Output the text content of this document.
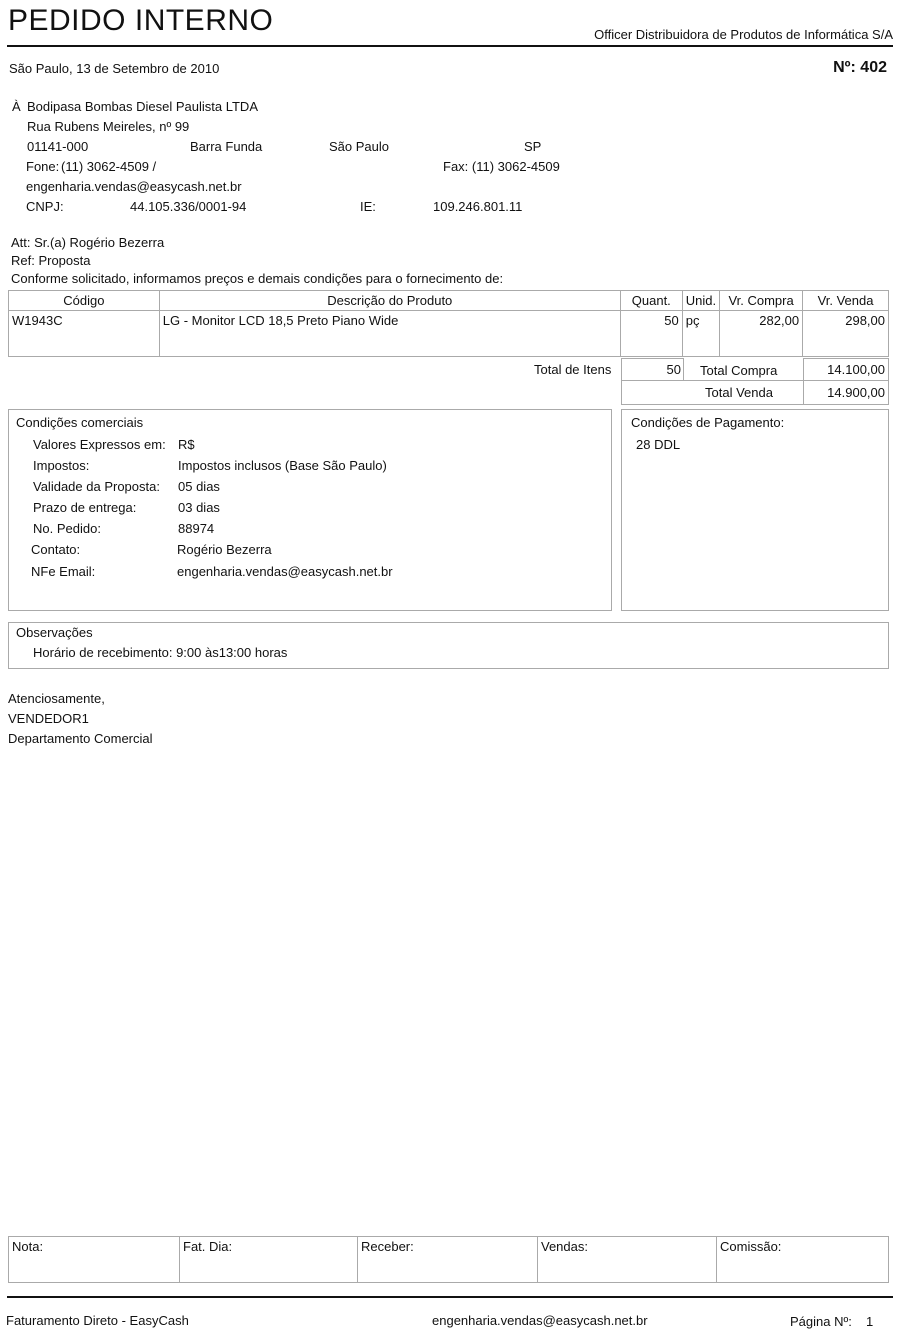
PEDIDO INTERNO	Officer Distribuidora de Produtos de Informática S/A
São Paulo, 13 de Setembro de 2010	Nº: 402
À Bodipasa Bombas Diesel Paulista LTDA
Rua Rubens Meireles, nº 99
01141-000	Barra Funda	São Paulo	SP
Fone: (11) 3062-4509 /	Fax: (11) 3062-4509
engenharia.vendas@easycash.net.br
CNPJ:	44.105.336/0001-94	IE:	109.246.801.11
Att: Sr.(a) Rogério Bezerra
Ref: Proposta
Conforme solicitado, informamos preços e demais condições para o fornecimento de:
Código	Descrição do Produto	Quant.	Unid.	Vr. Compra	Vr. Venda
W1943C	LG - Monitor LCD 18,5 Preto Piano Wide	50	pç	282,00	298,00
Total de Itens	50 Total Compra	14.100,00
Total Venda	14.900,00
Condições comerciais
Valores Expressos em: R$
Impostos:	Impostos inclusos (Base São Paulo)
Validade da Proposta: 05 dias
Prazo de entrega:	03 dias
No. Pedido:	88974
Contato:	Rogério Bezerra
NFe Email:	engenharia.vendas@easycash.net.br
Condições de Pagamento:
28 DDL
Observações
Horário de recebimento: 9:00 às13:00 horas
Atenciosamente,
VENDEDOR1
Departamento Comercial
Nota:	Fat. Dia:	Receber:	Vendas:	Comissão:
Faturamento Direto - EasyCash	engenharia.vendas@easycash.net.br	Página Nº: 1
